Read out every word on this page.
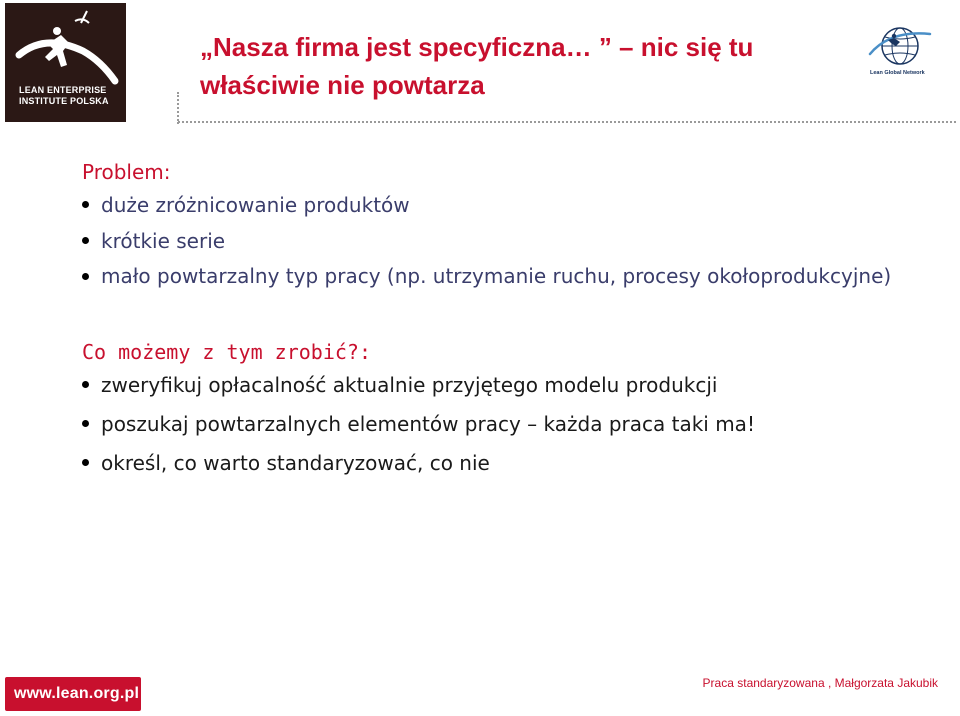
LEAN ENTERPRISE
INSTITUTE POLSKA
„Nasza firma jest specyficzna… ” – nic się tu właściwie nie powtarza	Lean Global Network
Problem:
duże zróżnicowanie produktów
krótkie serie
mało powtarzalny typ pracy (np. utrzymanie ruchu, procesy okołoprodukcyjne)
Co możemy z tym zrobić?:
zweryfikuj opłacalność aktualnie przyjętego modelu produkcji
poszukaj powtarzalnych elementów pracy – każda praca taki ma!
określ, co warto standaryzować, co nie
www.lean.org.pl
Praca standaryzowana , Małgorzata Jakubik
